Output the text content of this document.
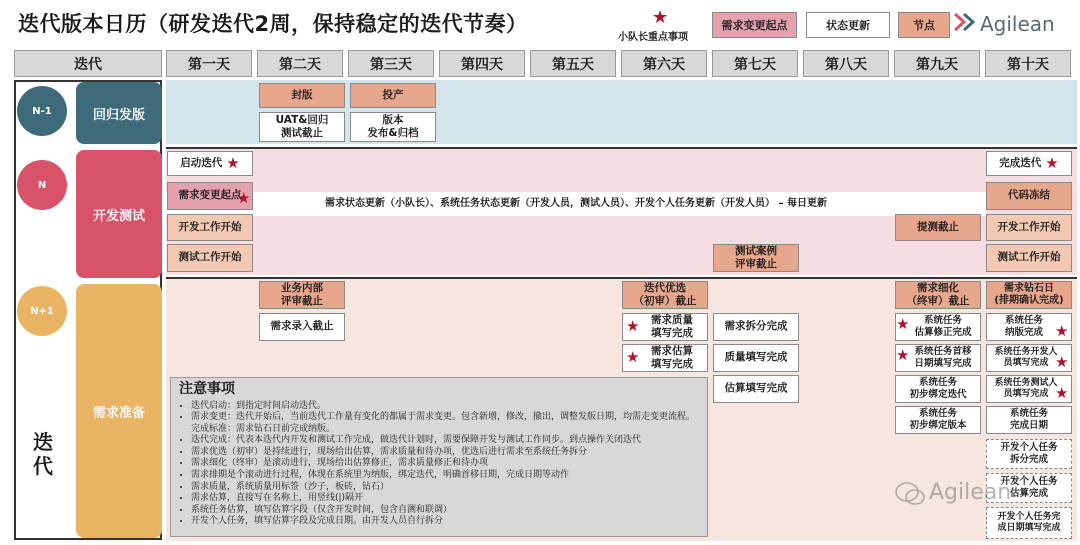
迭代版本日历（研发迭代2周，保持稳定的迭代节奏）	★
小队长重点事项
需求变更起点	状态更新	节点	Agilean
迭代	第一天	第二天	第三天	第四天	第五天	第六天	第七天	第八天	第九天	第十天
迭代
N-1	回归发版
N
开发测试
N+1
需求准备
需求状态更新（小队长）、系统任务状态更新（开发人员，测试人员）、开发个人任务更新（开发人员） – 每日更新
封版
UAT&回归
测试截止
投产
版本
发布&归档
启动迭代 ★
需求变更起点
★
开发工作开始
测试工作开始
测试案例
评审截止
提测截止
完成迭代 ★
代码冻结
开发工作开始
测试工作开始
业务内部
评审截止
需求录入截止
迭代优选
（初审）截止
需求质量
填写完成
★
需求估算
填写完成
★
需求拆分完成
质量填写完成
估算填写完成
需求细化
（终审）截止
系统任务
估算修正完成
★
系统任务首移
日期填写完成
★
系统任务
初步绑定迭代
系统任务
初步绑定版本
需求钻石日
(排期确认完成)
系统任务
纳版完成 ★
系统任务开发人
员填写完成 ★
系统任务测试人
员填写完成 ★
系统任务
完成日期
开发个人任务
拆分完成
开发个人任务
估算完成
开发个人任务完
成日期填写完成
注意事项
• 迭代启动：到指定时间启动迭代。
• 需求变更：迭代开始后，当前迭代工作量有变化的都属于需求变更。包含新增，修改，撤出，调整发版日期，均需走变更流程。 完成标准：需求钻石日前完成纳版。
• 迭代完成：代表本迭代内开发和测试工作完成，做迭代计划时，需要保障开发与测试工作同步。到点操作关闭迭代
• 需求优选（初审）是持续进行，现场给出估算，需求质量和待办项，优选后进行需求至系统任务拆分
• 需求细化（终审）是滚动进行，现场给出估算修正，需求质量修正和待办项
• 需求排期是个滚动进行过程，体现在系统里为纳版，绑定迭代，明确首移日期，完成日期等动作
• 需求质量，系统质量用标签（沙子，板砖，钻石）
• 需求估算，直接写在名称上，用竖线(|)隔开
• 系统任务估算，填写估算字段（仅含开发时间，包含自测和联调）
• 开发个人任务，填写估算字段及完成日期。由开发人员自行拆分
Agilean
